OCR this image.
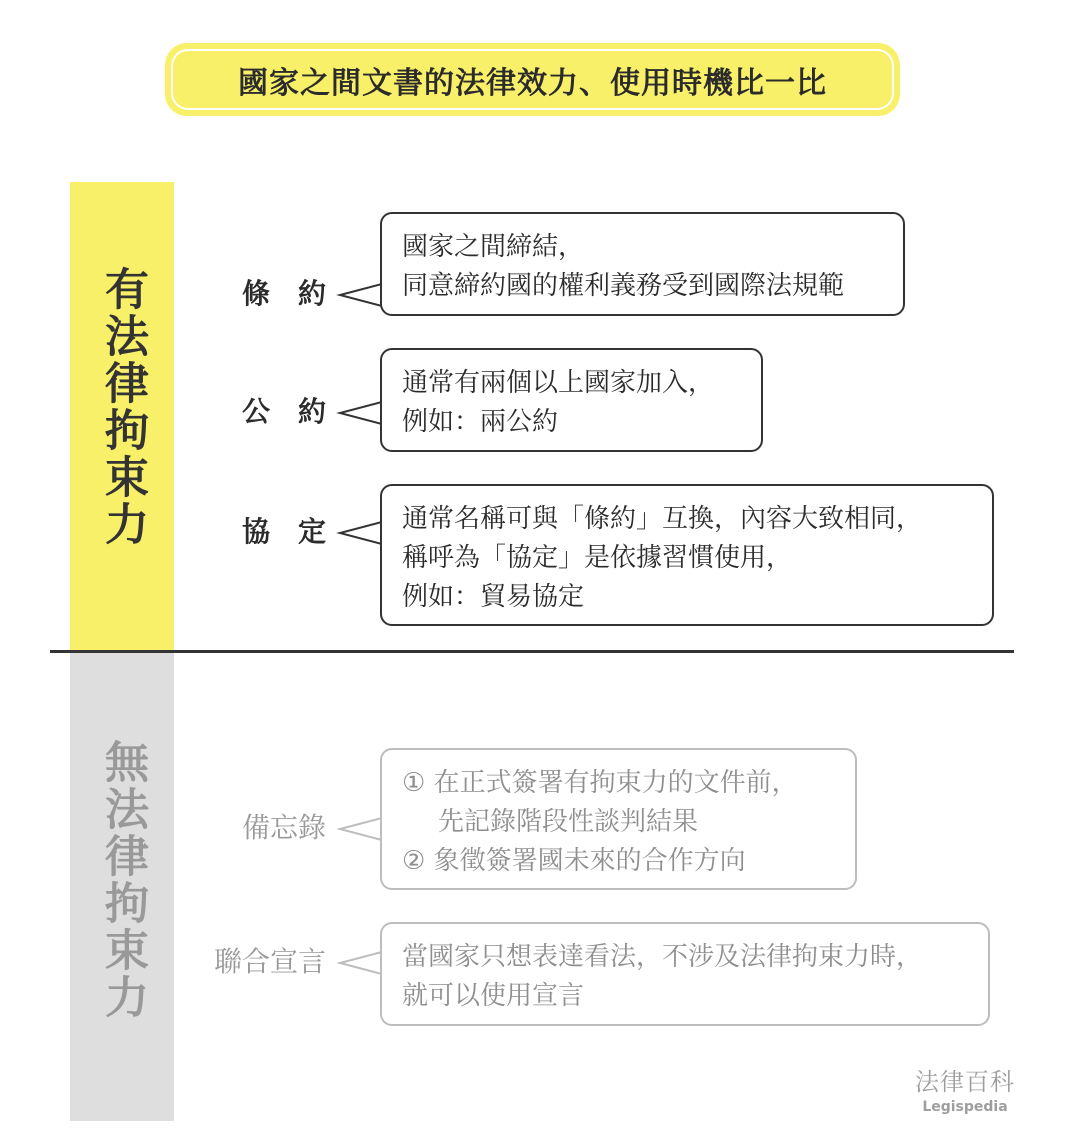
國家之間文書的法律效力、使用時機比一比
有法律拘束力
無法律拘束力
條　約
國家之間締結，
同意締約國的權利義務受到國際法規範
公　約
通常有兩個以上國家加入，
例如：兩公約
協　定	通常名稱可與「條約」互換，內容大致相同，
稱呼為「協定」是依據習慣使用，
例如：貿易協定
備忘錄
① 在正式簽署有拘束力的文件前，
先記錄階段性談判結果
② 象徵簽署國未來的合作方向
聯合宣言	當國家只想表達看法，不涉及法律拘束力時，
就可以使用宣言
法律百科
Legispedia
